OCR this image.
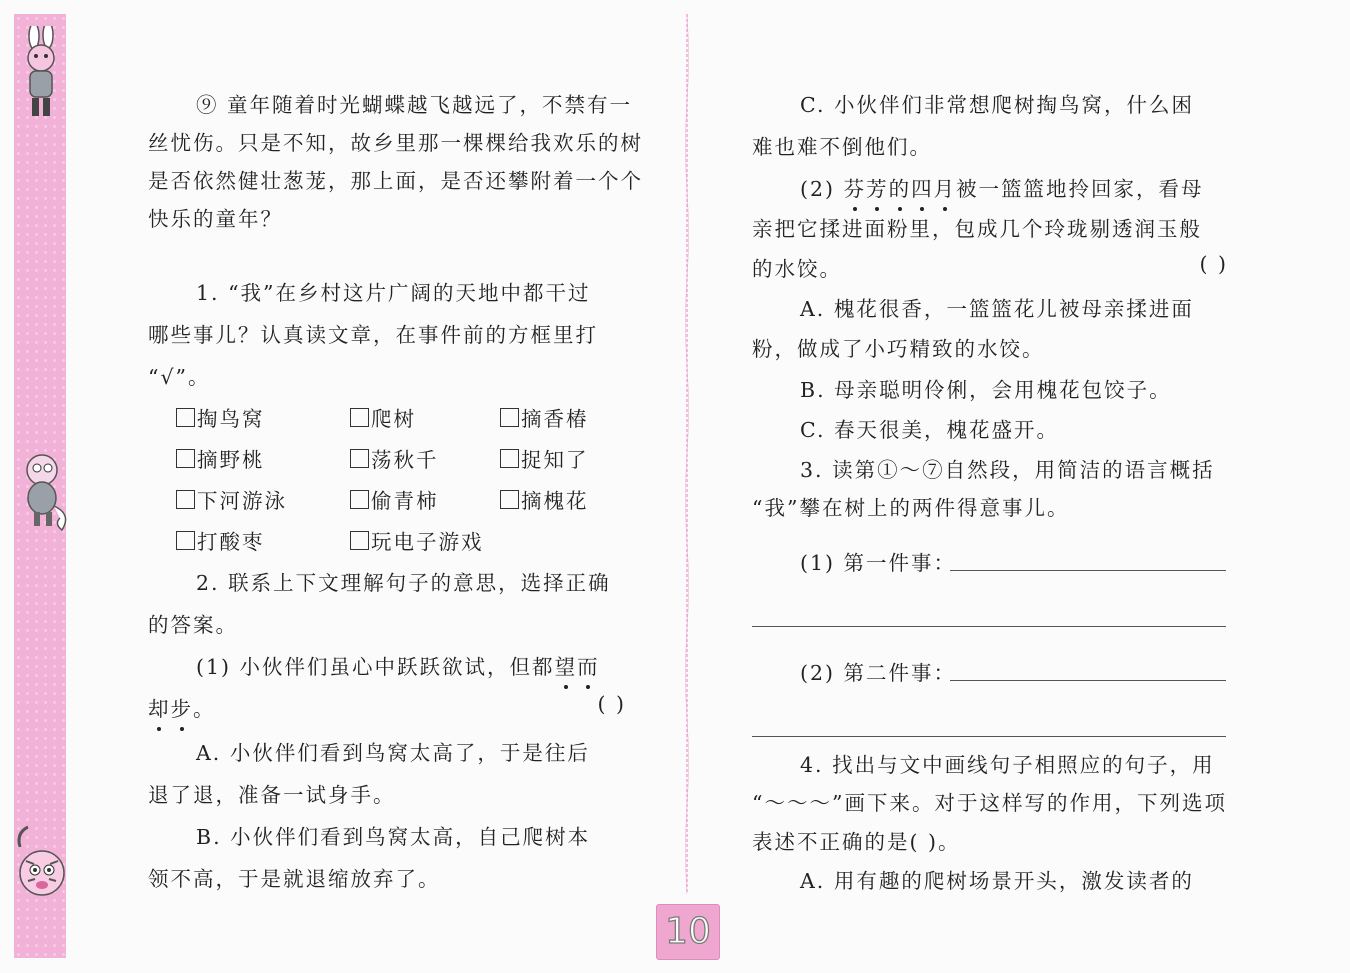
10
⑨ 童年随着时光蝴蝶越飞越远了，不禁有一
丝忧伤。只是不知，故乡里那一棵棵给我欢乐的树
是否依然健壮葱茏，那上面，是否还攀附着一个个
快乐的童年？
1. “我”在乡村这片广阔的天地中都干过
哪些事儿？认真读文章，在事件前的方框里打
“√”。
掏鸟窝	爬树	摘香椿
摘野桃	荡秋千	捉知了
下河游泳	偷青柿	摘槐花
打酸枣	玩电子游戏
2. 联系上下文理解句子的意思，选择正确
的答案。
(1) 小伙伴们虽心中跃跃欲试，但都望而
却步。	( )
A. 小伙伴们看到鸟窝太高了，于是往后
退了退，准备一试身手。
B. 小伙伴们看到鸟窝太高，自己爬树本
领不高，于是就退缩放弃了。
C. 小伙伴们非常想爬树掏鸟窝，什么困
难也难不倒他们。
(2) 芬芳的四月被一篮篮地拎回家，看母
亲把它揉进面粉里，包成几个玲珑剔透润玉般
的水饺。	( )
A. 槐花很香，一篮篮花儿被母亲揉进面
粉，做成了小巧精致的水饺。
B. 母亲聪明伶俐，会用槐花包饺子。
C. 春天很美，槐花盛开。
3. 读第①～⑦自然段，用简洁的语言概括
“我”攀在树上的两件得意事儿。
(1) 第一件事：
(2) 第二件事：
4. 找出与文中画线句子相照应的句子，用
“～～～”画下来。对于这样写的作用，下列选项
表述不正确的是( )。
A. 用有趣的爬树场景开头，激发读者的
